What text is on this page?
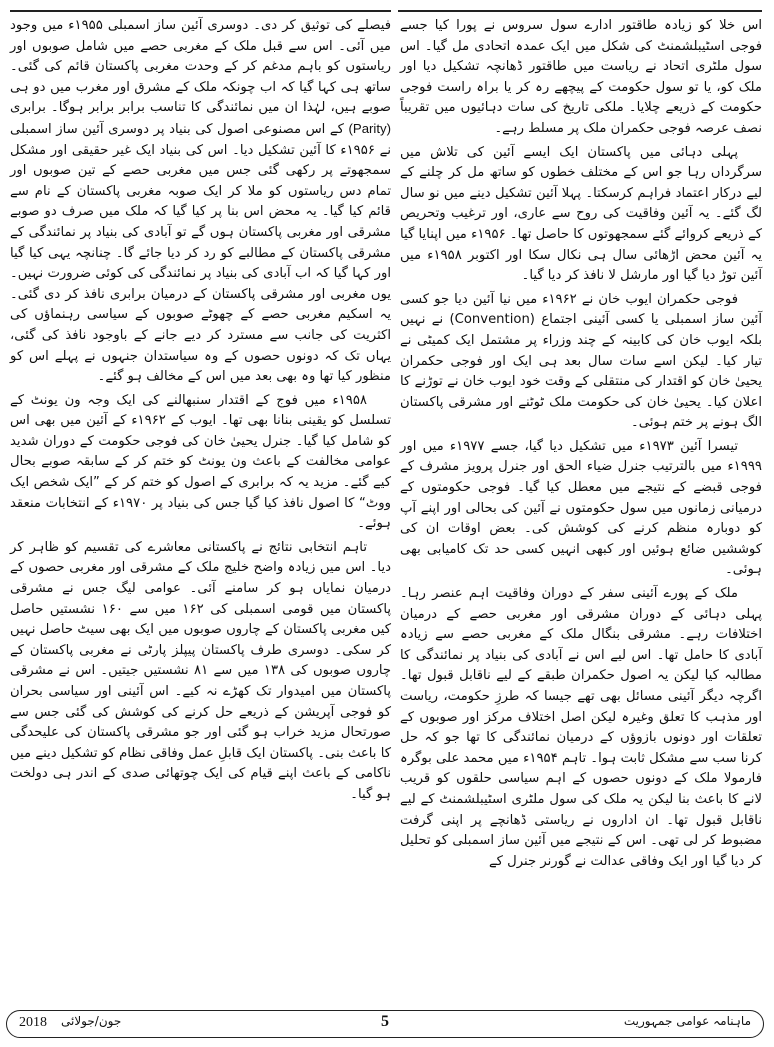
اس خلا کو زیادہ طاقتور ادارے سول سروس نے پورا کیا جسے فوجی اسٹیبلشمنٹ کی شکل میں ایک عمدہ اتحادی مل گیا۔ اس سول ملٹری اتحاد نے ریاست میں طاقتور ڈھانچہ تشکیل دیا اور ملک کو، یا تو سول حکومت کے پیچھے رہ کر یا براہ راست فوجی حکومت کے ذریعے چلایا۔ ملکی تاریخ کی سات دہائیوں میں تقریباً نصف عرصہ فوجی حکمران ملک پر مسلط رہے۔

پہلی دہائی میں پاکستان ایک ایسے آئین کی تلاش میں سرگرداں رہا جو اس کے مختلف خطوں کو ساتھ مل کر چلنے کے لیے درکار اعتماد فراہم کرسکتا۔ پہلا آئین تشکیل دینے میں نو سال لگ گئے۔ یہ آئین وفاقیت کی روح سے عاری، اور ترغیب وتحریص کے ذریعے کروائے گئے سمجھوتوں کا حاصل تھا۔ ۱۹۵۶ء میں اپنایا گیا یہ آئین محض اڑھائی سال ہی نکال سکا اور اکتوبر ۱۹۵۸ء میں آئین توڑ دیا گیا اور مارشل لا نافذ کر دیا گیا۔

فوجی حکمران ایوب خان نے ۱۹۶۲ء میں نیا آئین دیا جو کسی آئین ساز اسمبلی یا کسی آئینی اجتماع (Convention) نے نہیں بلکہ ایوب خان کی کابینہ کے چند وزراء پر مشتمل ایک کمیٹی نے تیار کیا۔ لیکن اسے سات سال بعد ہی ایک اور فوجی حکمران یحییٰ خان کو اقتدار کی منتقلی کے وقت خود ایوب خان نے توڑنے کا اعلان کیا۔ یحییٰ خان کی حکومت ملک ٹوٹنے اور مشرقی پاکستان الگ ہونے پر ختم ہوئی۔

تیسرا آئین ۱۹۷۳ء میں تشکیل دیا گیا، جسے ۱۹۷۷ء میں اور ۱۹۹۹ء میں بالترتیب جنرل ضیاء الحق اور جنرل پرویز مشرف کے فوجی قبضے کے نتیجے میں معطل کیا گیا۔ فوجی حکومتوں کے درمیانی زمانوں میں سول حکومتوں نے آئین کی بحالی اور اپنے آپ کو دوبارہ منظم کرنے کی کوشش کی۔ بعض اوقات ان کی کوششیں ضائع ہوئیں اور کبھی انہیں کسی حد تک کامیابی بھی ہوئی۔

ملک کے پورے آئینی سفر کے دوران وفاقیت اہم عنصر رہا۔ پہلی دہائی کے دوران مشرقی اور مغربی حصے کے درمیان اختلافات رہے۔ مشرقی بنگال ملک کے مغربی حصے سے زیادہ آبادی کا حامل تھا۔ اس لیے اس نے آبادی کی بنیاد پر نمائندگی کا مطالبہ کیا لیکن یہ اصول حکمران طبقے کے لیے ناقابل قبول تھا۔ اگرچہ دیگر آئینی مسائل بھی تھے جیسا کہ طرزِ حکومت، ریاست اور مذہب کا تعلق وغیرہ لیکن اصل اختلاف مرکز اور صوبوں کے تعلقات اور دونوں بازوؤں کے درمیان نمائندگی کا تھا جو کہ حل کرنا سب سے مشکل ثابت ہوا۔ تاہم ۱۹۵۴ء میں محمد علی بوگرہ فارمولا ملک کے دونوں حصوں کے اہم سیاسی حلقوں کو قریب لانے کا باعث بنا لیکن یہ ملک کی سول ملٹری اسٹیبلشمنٹ کے لیے ناقابل قبول تھا۔ ان اداروں نے ریاستی ڈھانچے پر اپنی گرفت مضبوط کر لی تھی۔ اس کے نتیجے میں آئین ساز اسمبلی کو تحلیل کر دیا گیا اور ایک وفاقی عدالت نے گورنر جنرل کے

فیصلے کی توثیق کر دی۔ دوسری آئین ساز اسمبلی ۱۹۵۵ء میں وجود میں آئی۔ اس سے قبل ملک کے مغربی حصے میں شامل صوبوں اور ریاستوں کو باہم مدغم کر کے وحدت مغربی پاکستان قائم کی گئی۔ ساتھ ہی کہا گیا کہ اب چونکہ ملک کے مشرق اور مغرب میں دو ہی صوبے ہیں، لہٰذا ان میں نمائندگی کا تناسب برابر برابر ہوگا۔ برابری (Parity) کے اس مصنوعی اصول کی بنیاد پر دوسری آئین ساز اسمبلی نے ۱۹۵۶ء کا آئین تشکیل دیا۔ اس کی بنیاد ایک غیر حقیقی اور مشکل سمجھوتے پر رکھی گئی جس میں مغربی حصے کے تین صوبوں اور تمام دس ریاستوں کو ملا کر ایک صوبہ مغربی پاکستان کے نام سے قائم کیا گیا۔ یہ محض اس بنا پر کیا گیا کہ ملک میں صرف دو صوبے مشرقی اور مغربی پاکستان ہوں گے تو آبادی کی بنیاد پر نمائندگی کے مشرقی پاکستان کے مطالبے کو رد کر دیا جائے گا۔ چنانچہ یہی کیا گیا اور کہا گیا کہ اب آبادی کی بنیاد پر نمائندگی کی کوئی ضرورت نہیں۔ یوں مغربی اور مشرقی پاکستان کے درمیان برابری نافذ کر دی گئی۔ یہ اسکیم مغربی حصے کے چھوٹے صوبوں کے سیاسی رہنماؤں کی اکثریت کی جانب سے مسترد کر دیے جانے کے باوجود نافذ کی گئی، یہاں تک کہ دونوں حصوں کے وہ سیاستدان جنہوں نے پہلے اس کو منظور کیا تھا وہ بھی بعد میں اس کے مخالف ہو گئے۔

۱۹۵۸ء میں فوج کے اقتدار سنبھالنے کی ایک وجہ ون یونٹ کے تسلسل کو یقینی بنانا بھی تھا۔ ایوب کے ۱۹۶۲ء کے آئین میں بھی اس کو شامل کیا گیا۔ جنرل یحییٰ خان کی فوجی حکومت کے دوران شدید عوامی مخالفت کے باعث ون یونٹ کو ختم کر کے سابقہ صوبے بحال کیے گئے۔ مزید یہ کہ برابری کے اصول کو ختم کر کے ”ایک شخص ایک ووٹ“ کا اصول نافذ کیا گیا جس کی بنیاد پر ۱۹۷۰ء کے انتخابات منعقد ہوئے۔

تاہم انتخابی نتائج نے پاکستانی معاشرے کی تقسیم کو ظاہر کر دیا۔ اس میں زیادہ واضح خلیج ملک کے مشرقی اور مغربی حصوں کے درمیان نمایاں ہو کر سامنے آئی۔ عوامی لیگ جس نے مشرقی پاکستان میں قومی اسمبلی کی ۱۶۲ میں سے ۱۶۰ نشستیں حاصل کیں مغربی پاکستان کے چاروں صوبوں میں ایک بھی سیٹ حاصل نہیں کر سکی۔ دوسری طرف پاکستان پیپلز پارٹی نے مغربی پاکستان کے چاروں صوبوں کی ۱۳۸ میں سے ۸۱ نشستیں جیتیں۔ اس نے مشرقی پاکستان میں امیدوار تک کھڑے نہ کیے۔ اس آئینی اور سیاسی بحران کو فوجی آپریشن کے ذریعے حل کرنے کی کوشش کی گئی جس سے صورتحال مزید خراب ہو گئی اور جو مشرقی پاکستان کی علیحدگی کا باعث بنی۔ پاکستان ایک قابلِ عمل وفاقی نظام کو تشکیل دینے میں ناکامی کے باعث اپنے قیام کی ایک چوتھائی صدی کے اندر ہی دولخت ہو گیا۔

2018 جون/جولائی	5	ماہنامہ عوامی جمہوریت
